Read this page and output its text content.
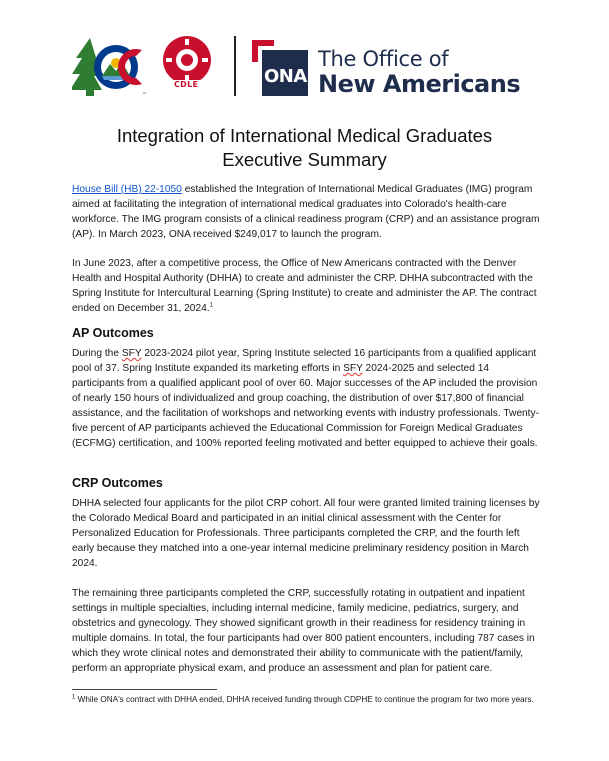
™
CDLE	ONA
The Office of
New Americans
Integration of International Medical Graduates
Executive Summary

House Bill (HB) 22-1050 established the Integration of International Medical Graduates (IMG) program aimed at facilitating the integration of international medical graduates into Colorado's health-care workforce. The IMG program consists of a clinical readiness program (CRP) and an assistance program (AP). In March 2023, ONA received $249,017 to launch the program.

In June 2023, after a competitive process, the Office of New Americans contracted with the Denver Health and Hospital Authority (DHHA) to create and administer the CRP. DHHA subcontracted with the Spring Institute for Intercultural Learning (Spring Institute) to create and administer the AP. The contract ended on December 31, 2024.$^1$

AP Outcomes

During the SFY 2023-2024 pilot year, Spring Institute selected 16 participants from a qualified applicant pool of 37. Spring Institute expanded its marketing efforts in SFY 2024-2025 and selected 14 participants from a qualified applicant pool of over 60. Major successes of the AP included the provision of nearly 150 hours of individualized and group coaching, the distribution of over $17,800 of financial assistance, and the facilitation of workshops and networking events with industry professionals. Twenty-five percent of AP participants achieved the Educational Commission for Foreign Medical Graduates (ECFMG) certification, and 100% reported feeling motivated and better equipped to achieve their goals.

CRP Outcomes

DHHA selected four applicants for the pilot CRP cohort. All four were granted limited training licenses by the Colorado Medical Board and participated in an initial clinical assessment with the Center for Personalized Education for Professionals. Three participants completed the CRP, and the fourth left early because they matched into a one-year internal medicine preliminary residency position in March 2024.

The remaining three participants completed the CRP, successfully rotating in outpatient and inpatient settings in multiple specialties, including internal medicine, family medicine, pediatrics, surgery, and obstetrics and gynecology. They showed significant growth in their readiness for residency training in multiple domains. In total, the four participants had over 800 patient encounters, including 787 cases in which they wrote clinical notes and demonstrated their ability to communicate with the patient/family, perform an appropriate physical exam, and produce an assessment and plan for patient care.

$^1$ While ONA's contract with DHHA ended, DHHA received funding through CDPHE to continue the program for two more years.
